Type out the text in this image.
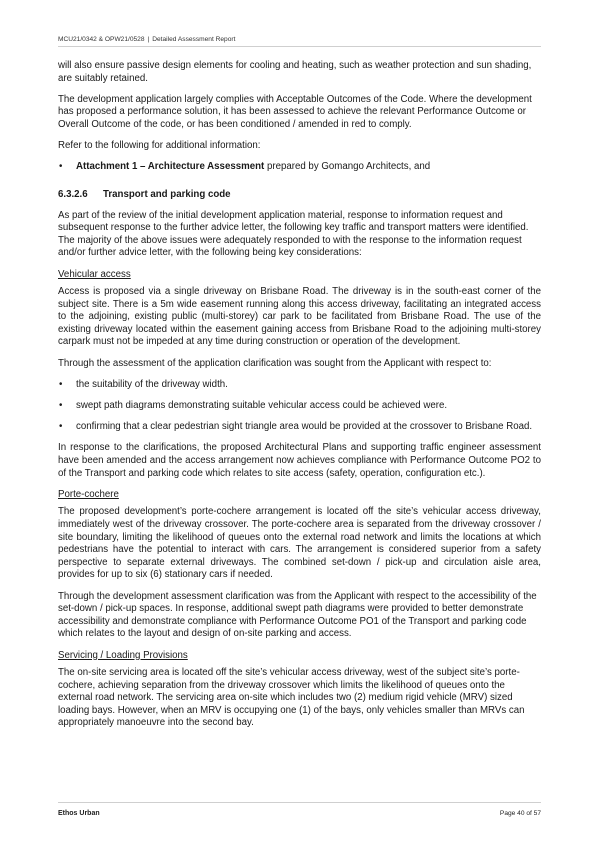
MCU21/0342 & OPW21/0528 | Detailed Assessment Report

will also ensure passive design elements for cooling and heating, such as weather protection and sun shading, are suitably retained.

The development application largely complies with Acceptable Outcomes of the Code. Where the development has proposed a performance solution, it has been assessed to achieve the relevant Performance Outcome or Overall Outcome of the code, or has been conditioned / amended in red to comply.

Refer to the following for additional information:

• Attachment 1 – Architecture Assessment prepared by Gomango Architects, and
6.3.2.6 Transport and parking code

As part of the review of the initial development application material, response to information request and subsequent response to the further advice letter, the following key traffic and transport matters were identified. The majority of the above issues were adequately responded to with the response to the information request and/or further advice letter, with the following being key considerations:

Vehicular access

Access is proposed via a single driveway on Brisbane Road. The driveway is in the south-east corner of the subject site. There is a 5m wide easement running along this access driveway, facilitating an integrated access to the adjoining, existing public (multi-storey) car park to be facilitated from Brisbane Road. The use of the existing driveway located within the easement gaining access from Brisbane Road to the adjoining multi-storey carpark must not be impeded at any time during construction or operation of the development.

Through the assessment of the application clarification was sought from the Applicant with respect to:

• the suitability of the driveway width.
• swept path diagrams demonstrating suitable vehicular access could be achieved were.
• confirming that a clear pedestrian sight triangle area would be provided at the crossover to Brisbane Road.

In response to the clarifications, the proposed Architectural Plans and supporting traffic engineer assessment have been amended and the access arrangement now achieves compliance with Performance Outcome PO2 to of the Transport and parking code which relates to site access (safety, operation, configuration etc.).

Porte-cochere

The proposed development’s porte-cochere arrangement is located off the site’s vehicular access driveway, immediately west of the driveway crossover. The porte-cochere area is separated from the driveway crossover / site boundary, limiting the likelihood of queues onto the external road network and limits the locations at which pedestrians have the potential to interact with cars. The arrangement is considered superior from a safety perspective to separate external driveways. The combined set-down / pick-up and circulation aisle area, provides for up to six (6) stationary cars if needed.

Through the development assessment clarification was from the Applicant with respect to the accessibility of the set-down / pick-up spaces. In response, additional swept path diagrams were provided to better demonstrate accessibility and demonstrate compliance with Performance Outcome PO1 of the Transport and parking code which relates to the layout and design of on-site parking and access.

Servicing / Loading Provisions

The on-site servicing area is located off the site’s vehicular access driveway, west of the subject site’s porte-cochere, achieving separation from the driveway crossover which limits the likelihood of queues onto the external road network. The servicing area on-site which includes two (2) medium rigid vehicle (MRV) sized loading bays. However, when an MRV is occupying one (1) of the bays, only vehicles smaller than MRVs can appropriately manoeuvre into the second bay.

Ethos Urban	Page 40 of 57
